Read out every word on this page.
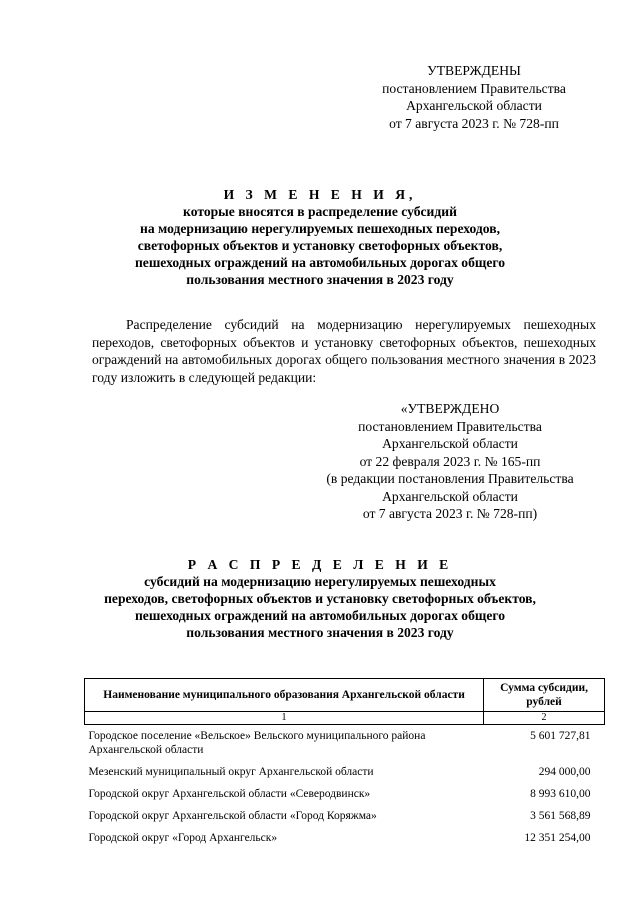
УТВЕРЖДЕНЫ
постановлением Правительства
Архангельской области
от 7 августа 2023 г. № 728-пп
И З М Е Н Е Н И Я,
которые вносятся в распределение субсидий
на модернизацию нерегулируемых пешеходных переходов,
светофорных объектов и установку светофорных объектов,
пешеходных ограждений на автомобильных дорогах общего
пользования местного значения в 2023 году

Распределение субсидий на модернизацию нерегулируемых пешеходных переходов, светофорных объектов и установку светофорных объектов, пешеходных ограждений на автомобильных дорогах общего пользования местного значения в 2023 году изложить в следующей редакции:

«УТВЕРЖДЕНО
постановлением Правительства
Архангельской области
от 22 февраля 2023 г. № 165-пп
(в редакции постановления Правительства
Архангельской области
от 7 августа 2023 г. № 728-пп)
Р А С П Р Е Д Е Л Е Н И Е
субсидий на модернизацию нерегулируемых пешеходных
переходов, светофорных объектов и установку светофорных объектов,
пешеходных ограждений на автомобильных дорогах общего
пользования местного значения в 2023 году
Наименование муниципального образования Архангельской области	Сумма субсидии, рублей
1	2
Городское поселение «Вельское» Вельского муниципального района Архангельской области	5 601 727,81
Мезенский муниципальный округ Архангельской области	294 000,00
Городской округ Архангельской области «Северодвинск»	8 993 610,00
Городской округ Архангельской области «Город Коряжма»	3 561 568,89
Городской округ «Город Архангельск»	12 351 254,00
